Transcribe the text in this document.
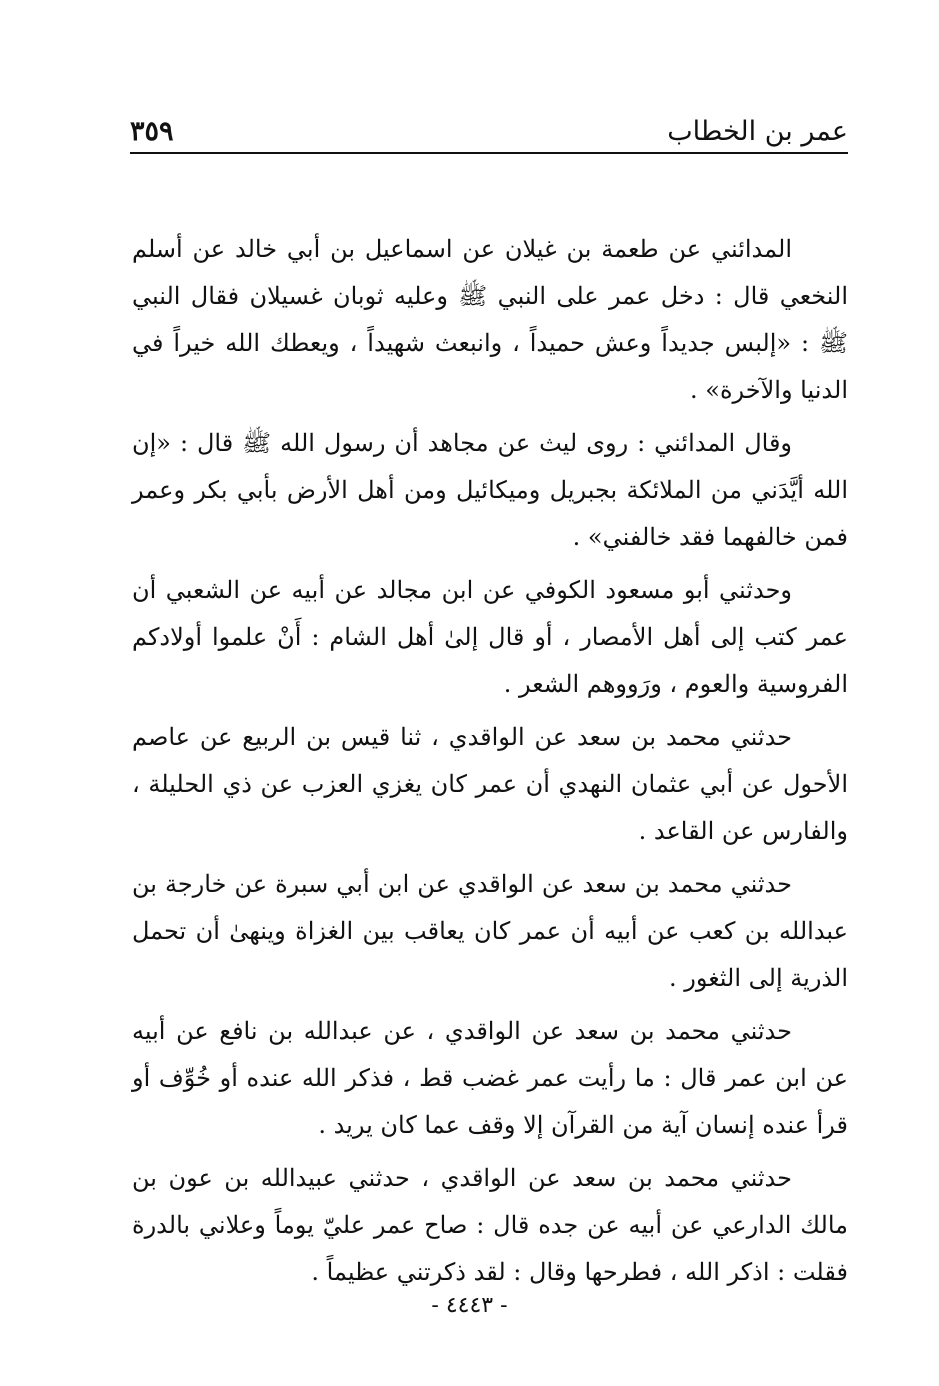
عمر بن الخطاب
٣٥٩

المدائني عن طعمة بن غيلان عن اسماعيل بن أبي خالد عن أسلم النخعي قال : دخل عمر على النبي ﷺ وعليه ثوبان غسيلان فقال النبي ﷺ : «إلبس جديداً وعش حميداً ، وانبعث شهيداً ، ويعطك الله خيراً في الدنيا والآخرة» .

وقال المدائني : روى ليث عن مجاهد أن رسول الله ﷺ قال : «إن الله أيَّدَني من الملائكة بجبريل وميكائيل ومن أهل الأرض بأبي بكر وعمر فمن خالفهما فقد خالفني» .

وحدثني أبو مسعود الكوفي عن ابن مجالد عن أبيه عن الشعبي أن عمر كتب إلى أهل الأمصار ، أو قال إلىٰ أهل الشام : أَنْ علموا أولادكم الفروسية والعوم ، ورَووهم الشعر .

حدثني محمد بن سعد عن الواقدي ، ثنا قيس بن الربيع عن عاصم الأحول عن أبي عثمان النهدي أن عمر كان يغزي العزب عن ذي الحليلة ، والفارس عن القاعد .

حدثني محمد بن سعد عن الواقدي عن ابن أبي سبرة عن خارجة بن عبدالله بن كعب عن أبيه أن عمر كان يعاقب بين الغزاة وينهىٰ أن تحمل الذرية إلى الثغور .

حدثني محمد بن سعد عن الواقدي ، عن عبدالله بن نافع عن أبيه عن ابن عمر قال : ما رأيت عمر غضب قط ، فذكر الله عنده أو خُوِّف أو قرأ عنده إنسان آية من القرآن إلا وقف عما كان يريد .

حدثني محمد بن سعد عن الواقدي ، حدثني عبيدالله بن عون بن مالك الدارعي عن أبيه عن جده قال : صاح عمر عليّ يوماً وعلاني بالدرة فقلت : اذكر الله ، فطرحها وقال : لقد ذكرتني عظيماً .

- ٤٤٤٣ -
